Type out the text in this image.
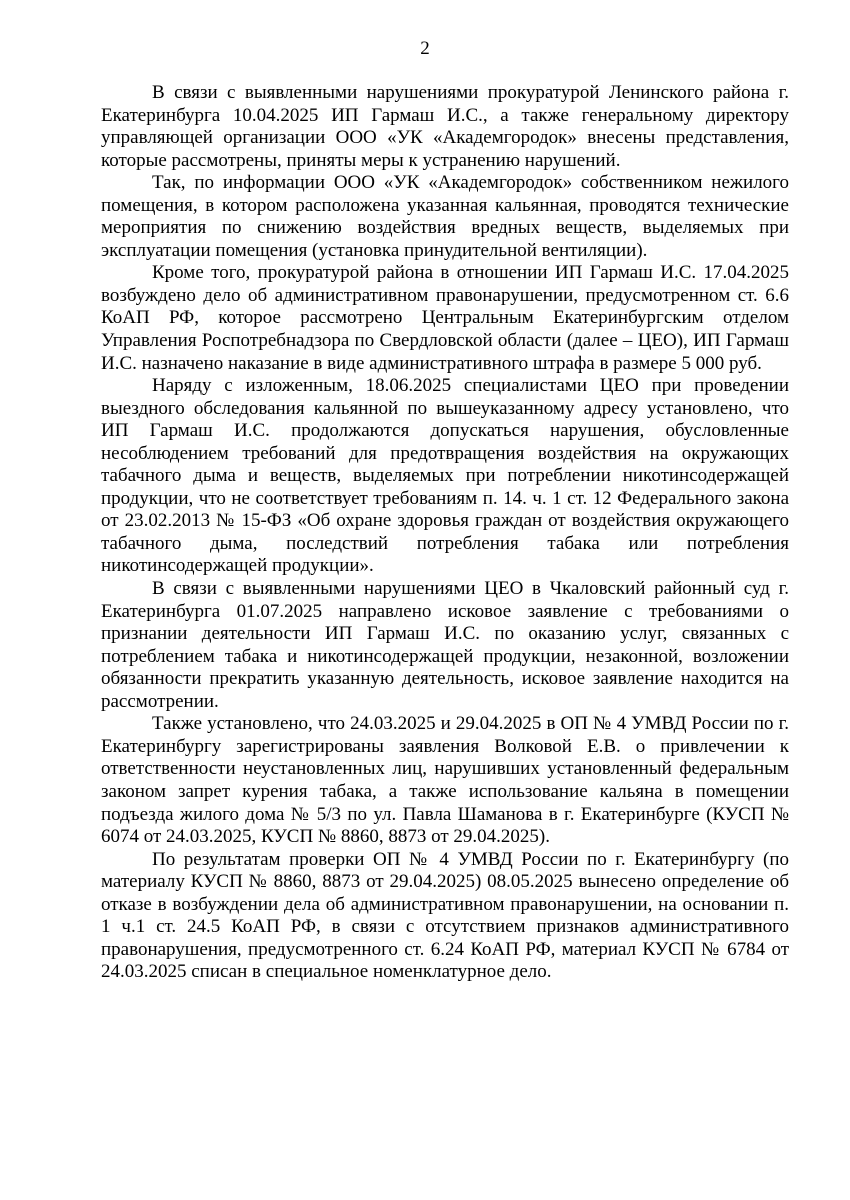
2

В связи с выявленными нарушениями прокуратурой Ленинского района г. Екатеринбурга 10.04.2025 ИП Гармаш И.С., а также генеральному директору управляющей организации ООО «УК «Академгородок» внесены представления, которые рассмотрены, приняты меры к устранению нарушений.

Так, по информации ООО «УК «Академгородок» собственником нежилого помещения, в котором расположена указанная кальянная, проводятся технические мероприятия по снижению воздействия вредных веществ, выделяемых при эксплуатации помещения (установка принудительной вентиляции).

Кроме того, прокуратурой района в отношении ИП Гармаш И.С. 17.04.2025 возбуждено дело об административном правонарушении, предусмотренном ст. 6.6 КоАП РФ, которое рассмотрено Центральным Екатеринбургским отделом Управления Роспотребнадзора по Свердловской области (далее – ЦЕО), ИП Гармаш И.С. назначено наказание в виде административного штрафа в размере 5 000 руб.

Наряду с изложенным, 18.06.2025 специалистами ЦЕО при проведении выездного обследования кальянной по вышеуказанному адресу установлено, что ИП Гармаш И.С. продолжаются допускаться нарушения, обусловленные несоблюдением требований для предотвращения воздействия на окружающих табачного дыма и веществ, выделяемых при потреблении никотинсодержащей продукции, что не соответствует требованиям п. 14. ч. 1 ст. 12 Федерального закона от 23.02.2013 № 15-ФЗ «Об охране здоровья граждан от воздействия окружающего табачного дыма, последствий потребления табака или потребления никотинсодержащей продукции».

В связи с выявленными нарушениями ЦЕО в Чкаловский районный суд г. Екатеринбурга 01.07.2025 направлено исковое заявление с требованиями о признании деятельности ИП Гармаш И.С. по оказанию услуг, связанных с потреблением табака и никотинсодержащей продукции, незаконной, возложении обязанности прекратить указанную деятельность, исковое заявление находится на рассмотрении.

Также установлено, что 24.03.2025 и 29.04.2025 в ОП № 4 УМВД России по г. Екатеринбургу зарегистрированы заявления Волковой Е.В. о привлечении к ответственности неустановленных лиц, нарушивших установленный федеральным законом запрет курения табака, а также использование кальяна в помещении подъезда жилого дома № 5/3 по ул. Павла Шаманова в г. Екатеринбурге (КУСП № 6074 от 24.03.2025, КУСП № 8860, 8873 от 29.04.2025).

По результатам проверки ОП № 4 УМВД России по г. Екатеринбургу (по материалу КУСП № 8860, 8873 от 29.04.2025) 08.05.2025 вынесено определение об отказе в возбуждении дела об административном правонарушении, на основании п. 1 ч.1 ст. 24.5 КоАП РФ, в связи с отсутствием признаков административного правонарушения, предусмотренного ст. 6.24 КоАП РФ, материал КУСП № 6784 от 24.03.2025 списан в специальное номенклатурное дело.
